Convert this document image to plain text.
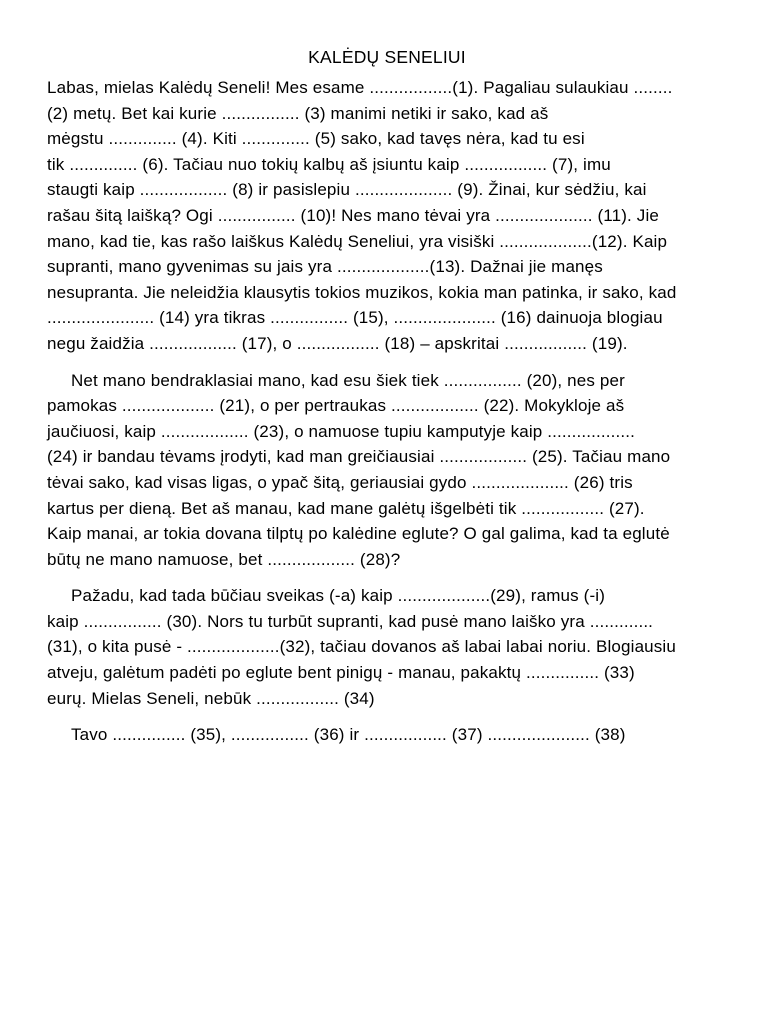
KALĖDŲ SENELIUI
Labas, mielas Kalėdų Seneli! Mes esame .................(1). Pagaliau sulaukiau ........
(2) metų. Bet kai kurie ................ (3) manimi netiki ir sako, kad aš
mėgstu .............. (4). Kiti .............. (5) sako, kad tavęs nėra, kad tu esi
tik .............. (6). Tačiau nuo tokių kalbų aš įsiuntu kaip ................. (7), imu
staugti kaip .................. (8) ir pasislepiu .................... (9). Žinai, kur sėdžiu, kai
rašau šitą laišką? Ogi ................ (10)! Nes mano tėvai yra .................... (11). Jie
mano, kad tie, kas rašo laiškus Kalėdų Seneliui, yra visiški ...................(12). Kaip
supranti, mano gyvenimas su jais yra ...................(13). Dažnai jie manęs
nesupranta. Jie neleidžia klausytis tokios muzikos, kokia man patinka, ir sako, kad
...................... (14) yra tikras ................ (15), ..................... (16) dainuoja blogiau
negu žaidžia .................. (17), o ................. (18) – apskritai ................. (19).
Net mano bendraklasiai mano, kad esu šiek tiek ................ (20), nes per
pamokas ................... (21), o per pertraukas .................. (22). Mokykloje aš
jaučiuosi, kaip .................. (23), o namuose tupiu kamputyje kaip ..................
(24) ir bandau tėvams įrodyti, kad man greičiausiai .................. (25). Tačiau mano
tėvai sako, kad visas ligas, o ypač šitą, geriausiai gydo .................... (26) tris
kartus per dieną. Bet aš manau, kad mane galėtų išgelbėti tik ................. (27).
Kaip manai, ar tokia dovana tilptų po kalėdine eglute? O gal galima, kad ta eglutė
būtų ne mano namuose, bet .................. (28)?
Pažadu, kad tada būčiau sveikas (-a) kaip ...................(29), ramus (-i)
kaip ................ (30). Nors tu turbūt supranti, kad pusė mano laiško yra .............
(31), o kita pusė - ...................(32), tačiau dovanos aš labai labai noriu. Blogiausiu
atveju, galėtum padėti po eglute bent pinigų - manau, pakaktų ............... (33)
eurų. Mielas Seneli, nebūk ................. (34)
Tavo ............... (35), ................ (36) ir ................. (37) ..................... (38)
